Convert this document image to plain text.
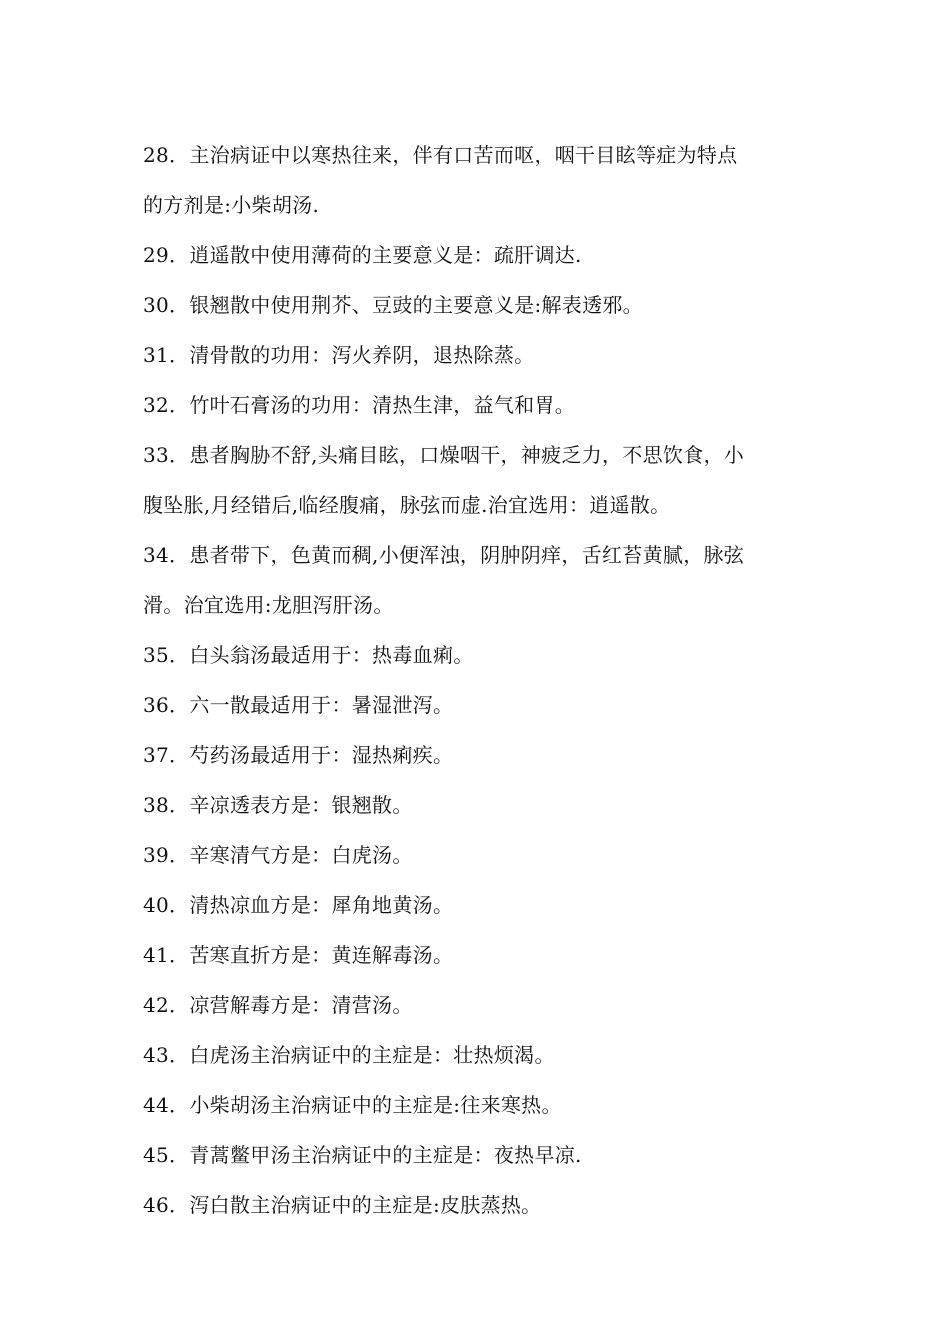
28．主治病证中以寒热往来，伴有口苦而呕，咽干目眩等症为特点
的方剂是:小柴胡汤.
29．逍遥散中使用薄荷的主要意义是：疏肝调达.
30．银翘散中使用荆芥、豆豉的主要意义是:解表透邪。
31．清骨散的功用：泻火养阴，退热除蒸。
32．竹叶石膏汤的功用：清热生津，益气和胃。
33．患者胸胁不舒,头痛目眩，口燥咽干，神疲乏力，不思饮食，小
腹坠胀,月经错后,临经腹痛，脉弦而虚.治宜选用：逍遥散。
34．患者带下，色黄而稠,小便浑浊，阴肿阴痒，舌红苔黄腻，脉弦
滑。治宜选用:龙胆泻肝汤。
35．白头翁汤最适用于：热毒血痢。
36．六一散最适用于：暑湿泄泻。
37．芍药汤最适用于：湿热痢疾。
38．辛凉透表方是：银翘散。
39．辛寒清气方是：白虎汤。
40．清热凉血方是：犀角地黄汤。
41．苦寒直折方是：黄连解毒汤。
42．凉营解毒方是：清营汤。
43．白虎汤主治病证中的主症是：壮热烦渴。
44．小柴胡汤主治病证中的主症是:往来寒热。
45．青蒿鳖甲汤主治病证中的主症是：夜热早凉.
46．泻白散主治病证中的主症是:皮肤蒸热。
